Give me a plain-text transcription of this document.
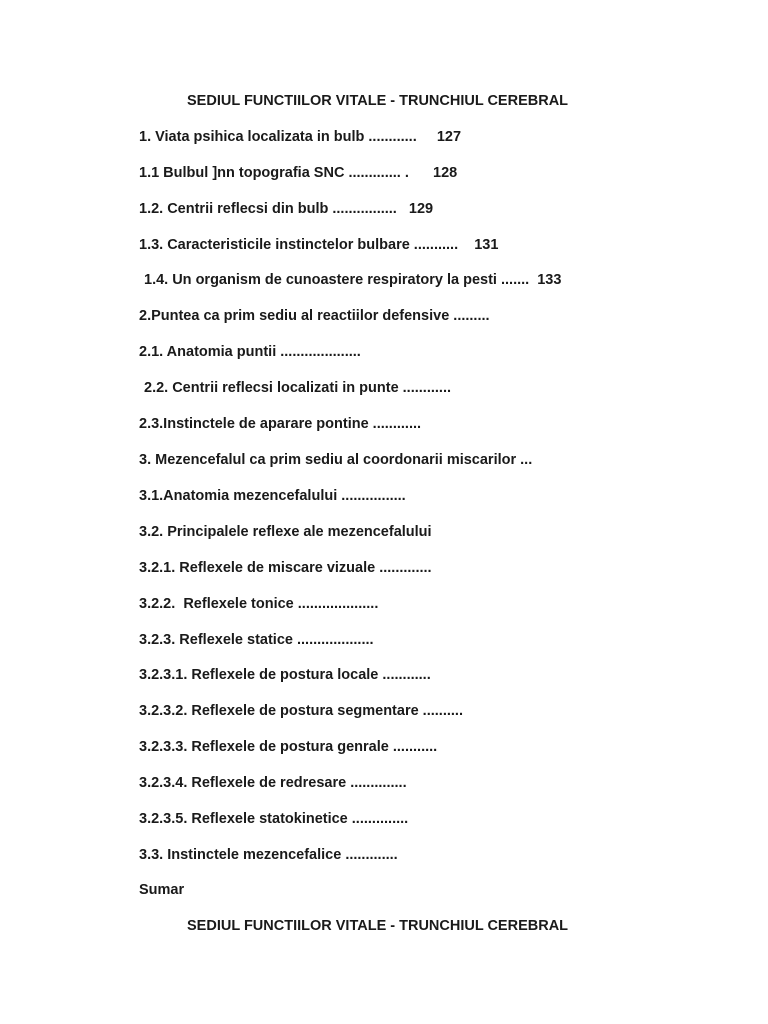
SEDIUL FUNCTIILOR VITALE - TRUNCHIUL CEREBRAL

1. Viata psihica localizata in bulb ............     127

1.1 Bulbul ]nn topografia SNC ............. .      128

1.2. Centrii reflecsi din bulb ................   129

1.3. Caracteristicile instinctelor bulbare ...........    131

1.4. Un organism de cunoastere respiratory la pesti .......  133

2.Puntea ca prim sediu al reactiilor defensive .........

2.1. Anatomia puntii ....................

2.2. Centrii reflecsi localizati in punte ............

2.3.Instinctele de aparare pontine ............

3. Mezencefalul ca prim sediu al coordonarii miscarilor ...

3.1.Anatomia mezencefalului ................

3.2. Principalele reflexe ale mezencefalului

3.2.1. Reflexele de miscare vizuale .............

3.2.2.  Reflexele tonice ....................

3.2.3. Reflexele statice ...................

3.2.3.1. Reflexele de postura locale ............

3.2.3.2. Reflexele de postura segmentare ..........

3.2.3.3. Reflexele de postura genrale ...........

3.2.3.4. Reflexele de redresare ..............

3.2.3.5. Reflexele statokinetice ..............

3.3. Instinctele mezencefalice .............

Sumar

SEDIUL FUNCTIILOR VITALE - TRUNCHIUL CEREBRAL
